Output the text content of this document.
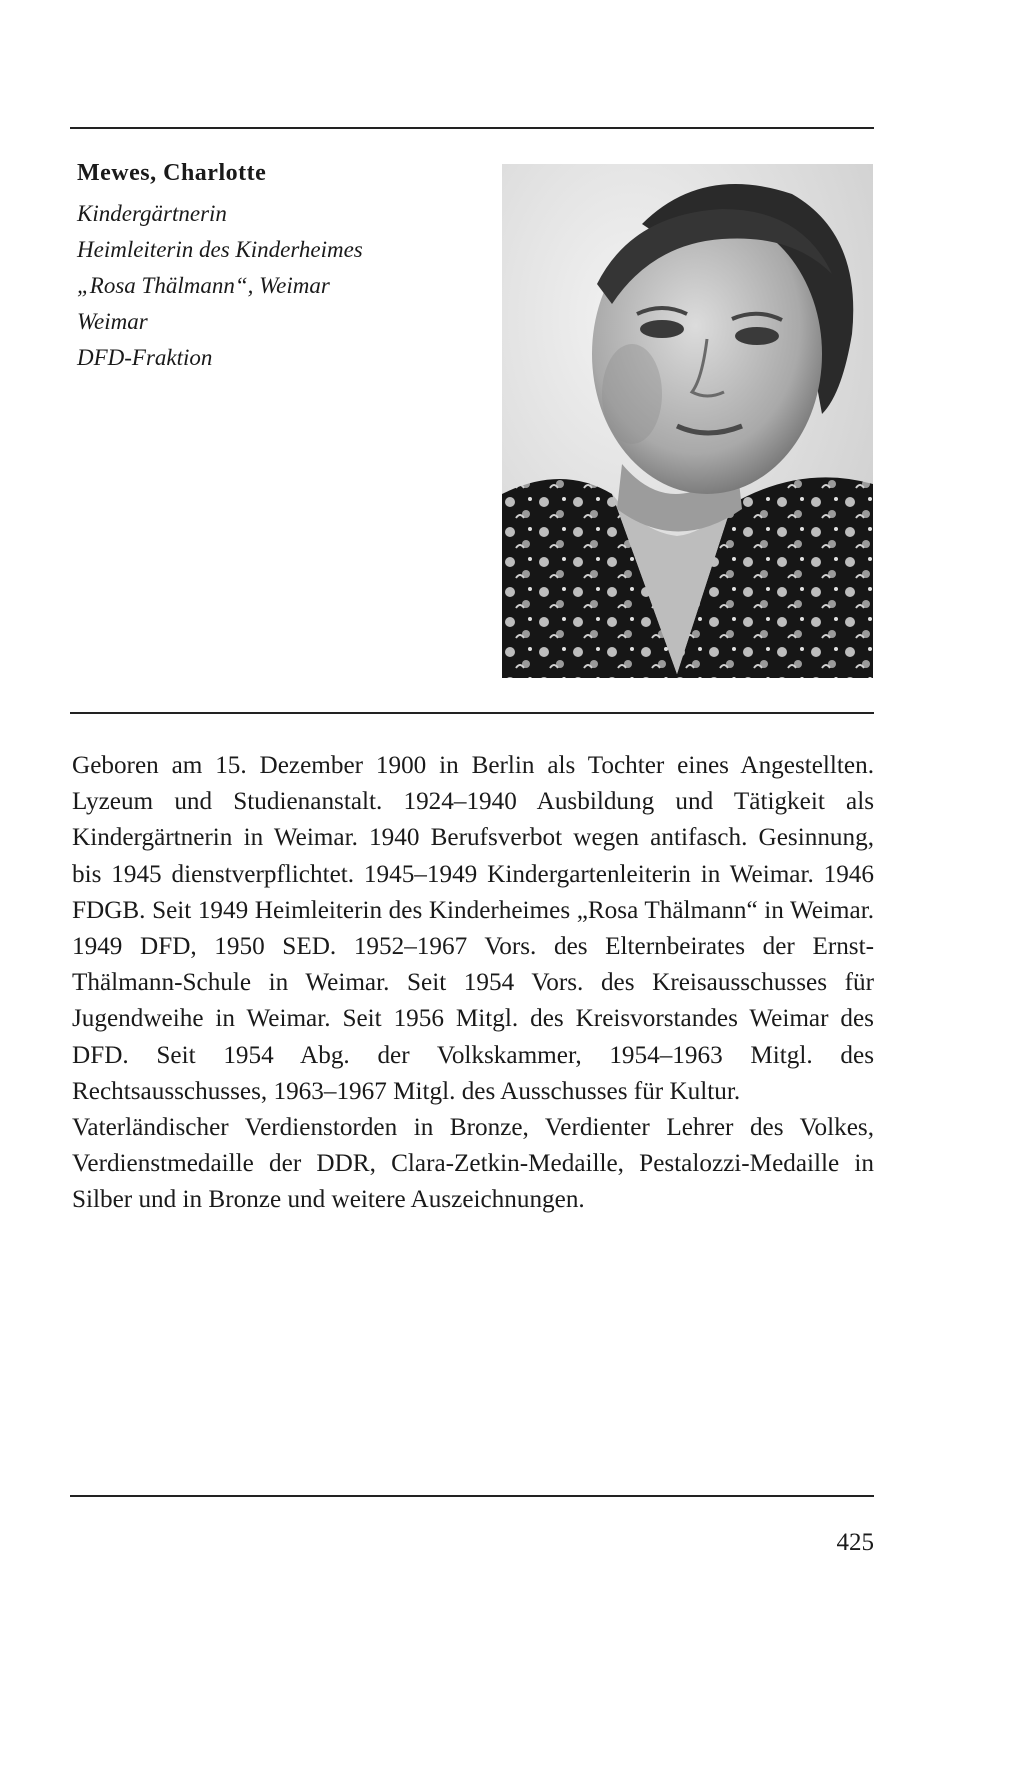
Mewes, Charlotte
Kindergärtnerin
Heimleiterin des Kinderheimes
„Rosa Thälmann“, Weimar
Weimar
DFD-Fraktion

Geboren am 15. Dezember 1900 in Berlin als Tochter eines Angestellten. Lyzeum und Studienanstalt. 1924–1940 Ausbildung und Tätigkeit als Kindergärtnerin in Weimar. 1940 Berufsverbot wegen antifasch. Gesinnung, bis 1945 dienstverpflichtet. 1945–1949 Kindergartenleiterin in Weimar. 1946 FDGB. Seit 1949 Heimleiterin des Kinderheimes „Rosa Thälmann“ in Weimar. 1949 DFD, 1950 SED. 1952–1967 Vors. des Elternbeirates der Ernst-Thälmann-Schule in Weimar. Seit 1954 Vors. des Kreisausschusses für Jugendweihe in Weimar. Seit 1956 Mitgl. des Kreisvorstandes Weimar des DFD. Seit 1954 Abg. der Volkskammer, 1954–1963 Mitgl. des Rechtsausschusses, 1963–1967 Mitgl. des Ausschusses für Kultur.

Vaterländischer Verdienstorden in Bronze, Verdienter Lehrer des Volkes, Verdienstmedaille der DDR, Clara-Zetkin-Medaille, Pestalozzi-Medaille in Silber und in Bronze und weitere Auszeichnungen.

425
